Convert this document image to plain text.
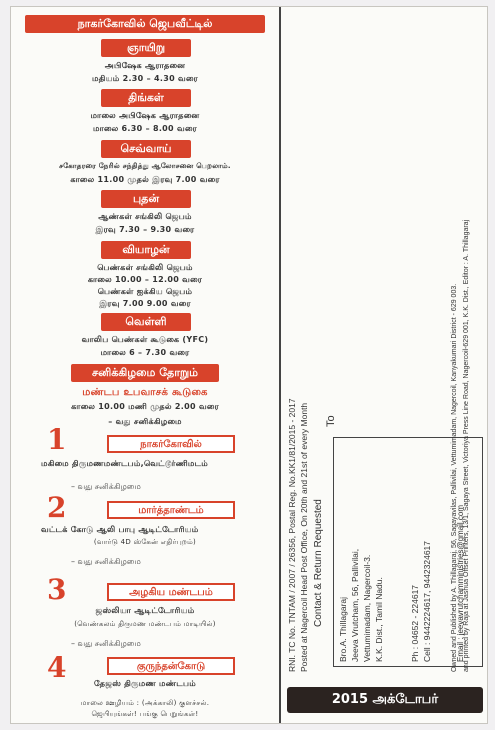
நாகர்கோவில் ஜெபவீட்டில்
ஞாயிறு
அபிஷேக ஆராதனை
மதியம் 2.30 – 4.30 வரை
திங்கள்
மாலை அபிஷேக ஆராதனை
மாலை 6.30 – 8.00 வரை
செவ்வாய்
சகோதரரை நேரில் சந்தித்து ஆலோசனை பெறலாம்.
காலை 11.00 முதல் இரவு 7.00 வரை
புதன்
ஆண்கள் சங்கிலி ஜெபம்
இரவு 7.30 – 9.30 வரை
வியாழன்
பெண்கள் சங்கிலி ஜெபம்
காலை 10.00 – 12.00 வரை
பெண்கள் ஐக்கிய ஜெபம்
இரவு 7.00 9.00 வரை
வெள்ளி
வாலிப பெண்கள் கூடுகை (YFC)
மாலை 6 – 7.30 வரை
சனிக்கிழமை தோறும்
மண்டப உபவாசக் கூடுகை
காலை 10.00 மணி முதல் 2.00 வரை
– வது சனிக்கிழமை
1	நாகர்கோவில்
மகிமை திருமணமண்டபம்,வெட்டூர்ணிமடம்
– வது சனிக்கிழமை
2	மார்த்தாண்டம்
வட்டக் கோடு ஆலி பாபு ஆடிட்டோரியம்
(வார்டு 4D ஸ்கேன் எதிர்புறம்)
– வது சனிக்கிழமை
3	அழகிய மண்டபம்
ஜஸ்லியா ஆடிட்டோரியம்
(வெண்கலம் திருமண மண்டபம் மாடியில்)
– வது சனிக்கிழமை
4	குருந்தன்கோடு
தேஜஸ் திருமண மண்டபம்
மாலை ஊழியம் : (அக்காலி) குளச்சல்.
ஜெபியுங்கள்! பங்கு பெறுங்கள்!
RNI. TC No. TNTAM / 2007 / 26356, Postal Reg. No.KK1/81/2015 - 2017 Posted at Nagercoil Head Post Office, On 20th and 21st of every Month Contact & Return Requested
To
Bro.A. Thillagaraj Jeeva Vrutcham, 56, Pallivilai, Vettumimadam, Nagercoil-3. K.K. Dist., Tamil Nadu.	Ph : 04652 - 224617 Cell : 9442224617, 9442324617	Email : jeevavrutchamministries@gmail.com
Owned and Published by A. Thillagaraj, 56, Sagayavilas, Pallivilai, Vettumimadam, Nagercoil, Kanyakumari District - 629 003. and printed by Raja at Jashua Offset Printers, 13/1, Sagaya Street, Victoriya Press Line Road, Nagercoil-629 001, K.K. Dist., Editor : A. Thillagaraj
2015 அக்டோபர்
